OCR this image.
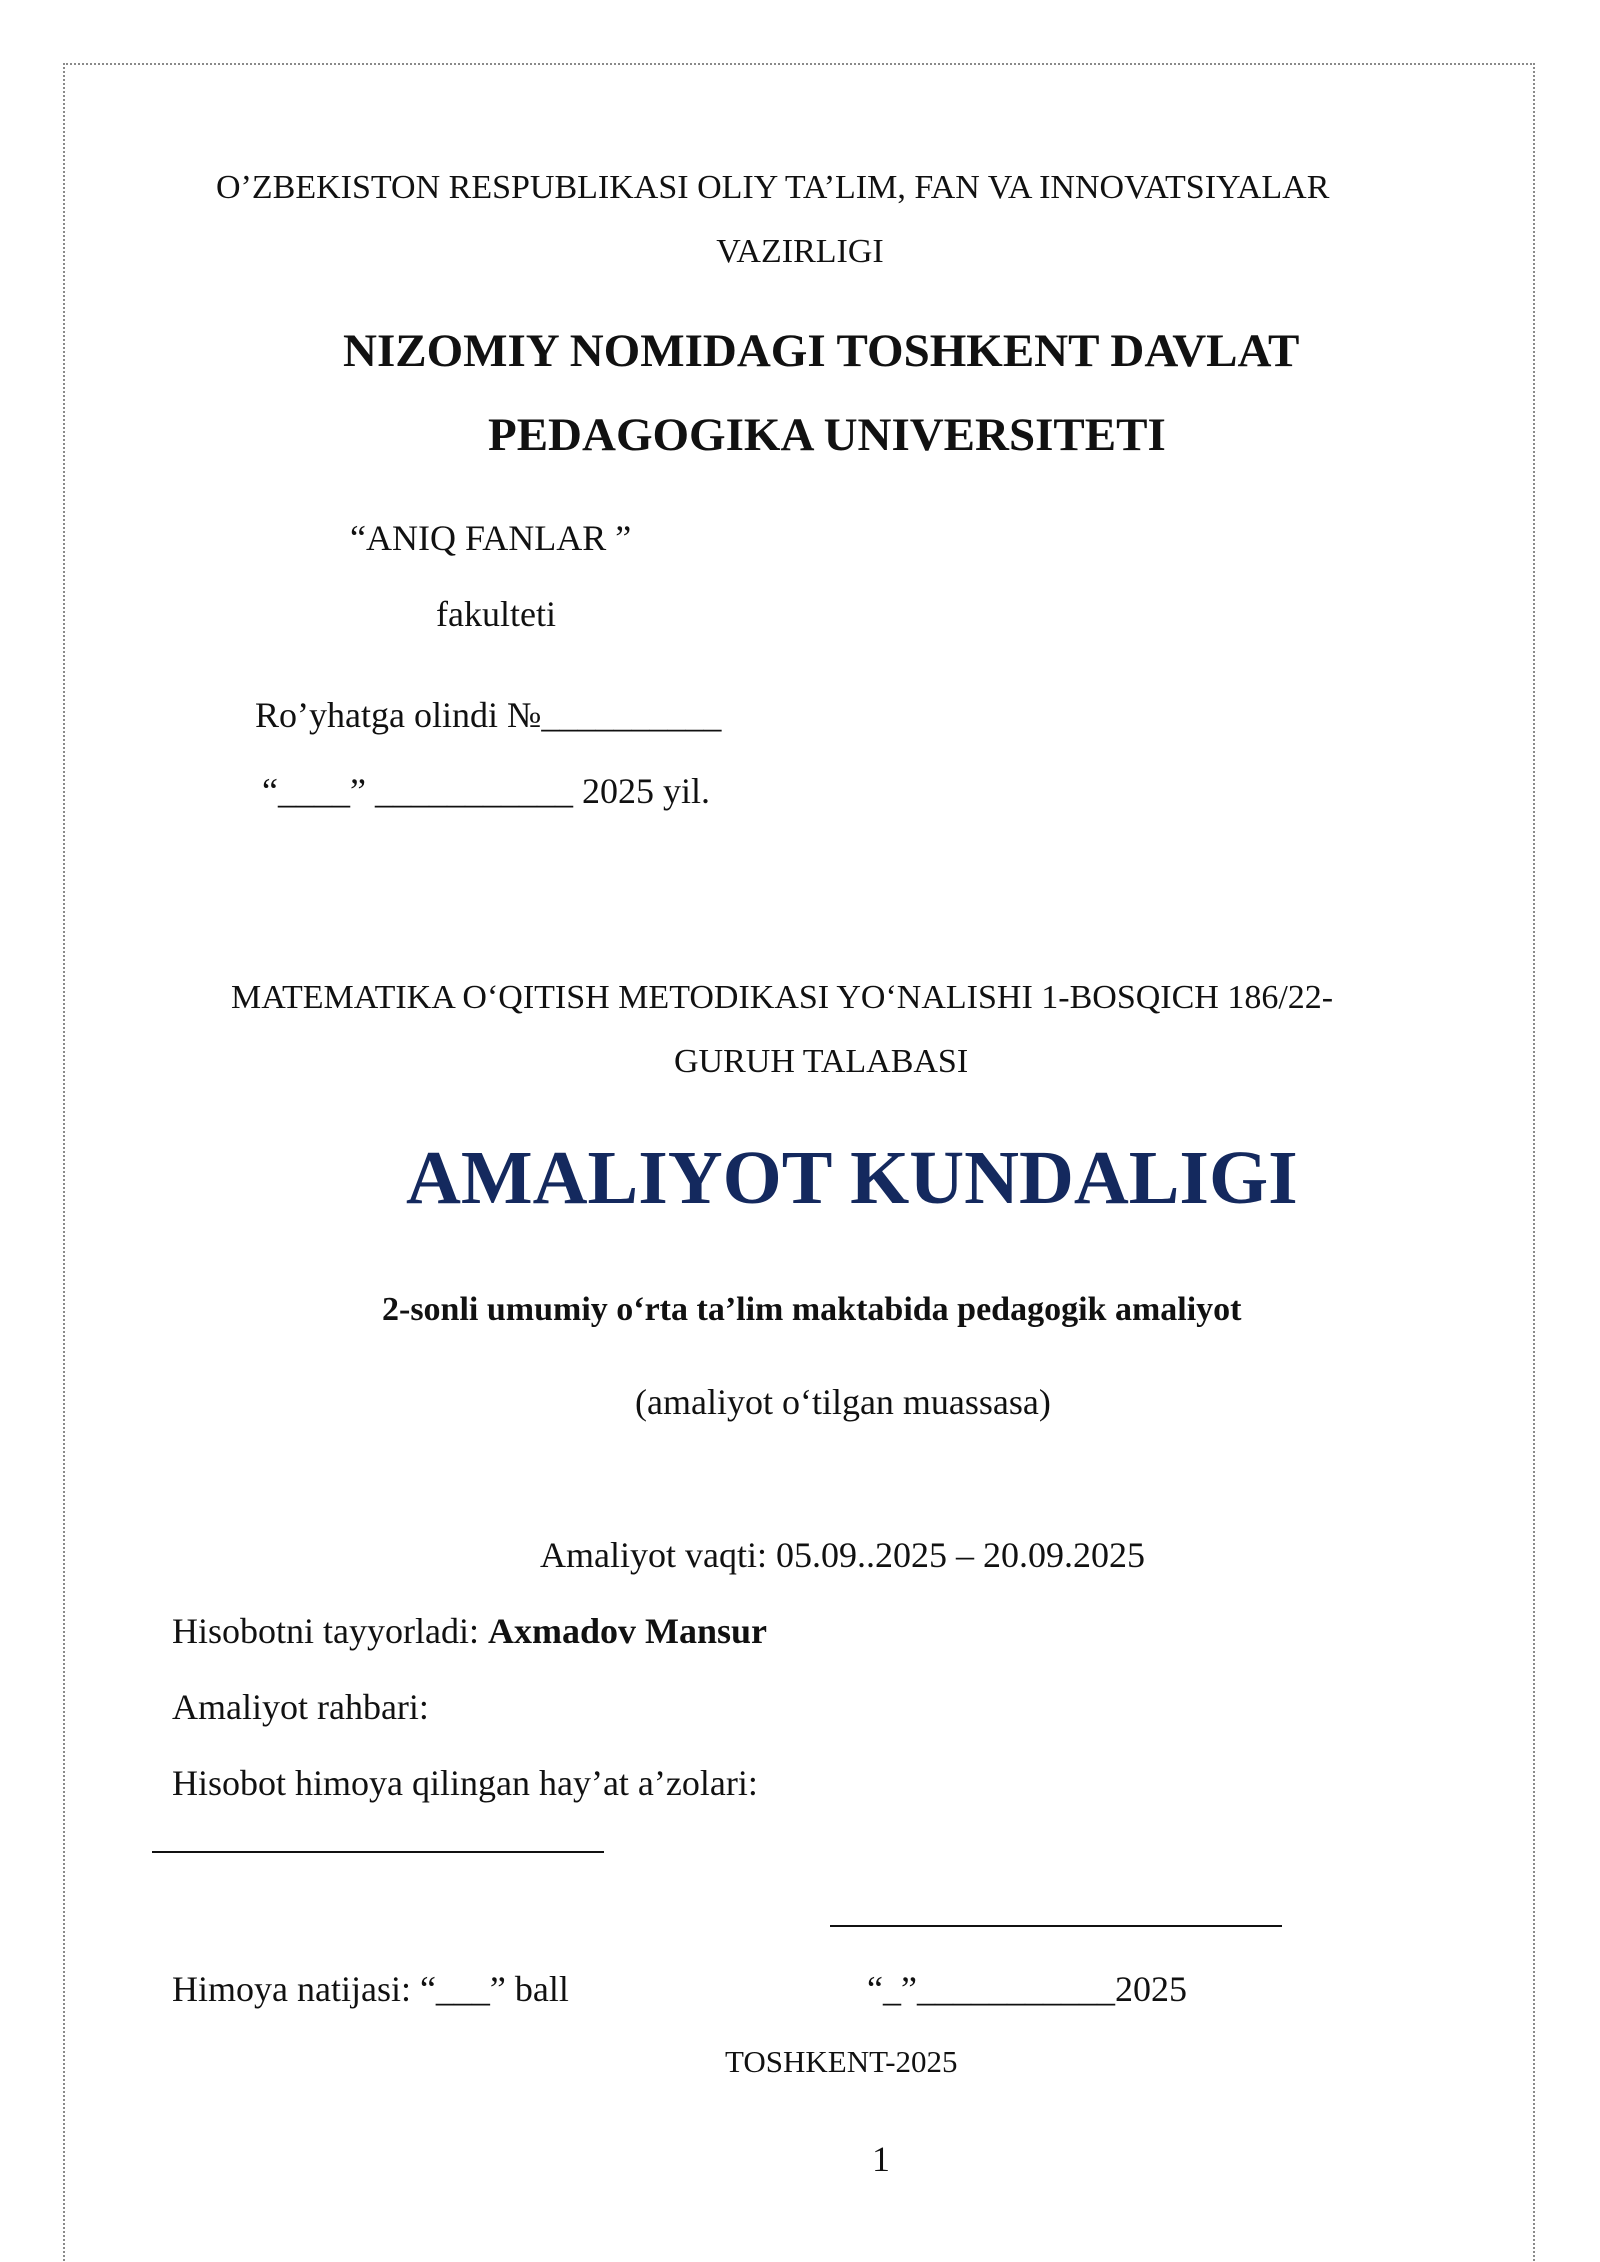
O’ZBEKISTON RESPUBLIKASI OLIY TA’LIM, FAN VA INNOVATSIYALAR
VAZIRLIGI
NIZOMIY NOMIDAGI TOSHKENT DAVLAT
PEDAGOGIKA UNIVERSITETI
“ANIQ FANLAR ”
fakulteti
Ro’yhatga olindi №__________
“____” ___________ 2025 yil.
MATEMATIKA O‘QITISH METODIKASI YO‘NALISHI 1-BOSQICH 186/22-
GURUH TALABASI
AMALIYOT KUNDALIGI
2-sonli umumiy o‘rta ta’lim maktabida pedagogik amaliyot
(amaliyot o‘tilgan muassasa)
Amaliyot vaqti: 05.09..2025 – 20.09.2025
Hisobotni tayyorladi: Axmadov Mansur
Amaliyot rahbari:
Hisobot himoya qilingan hay’at a’zolari:
Himoya natijasi: “___” ball	“_”___________2025
TOSHKENT-2025
1
